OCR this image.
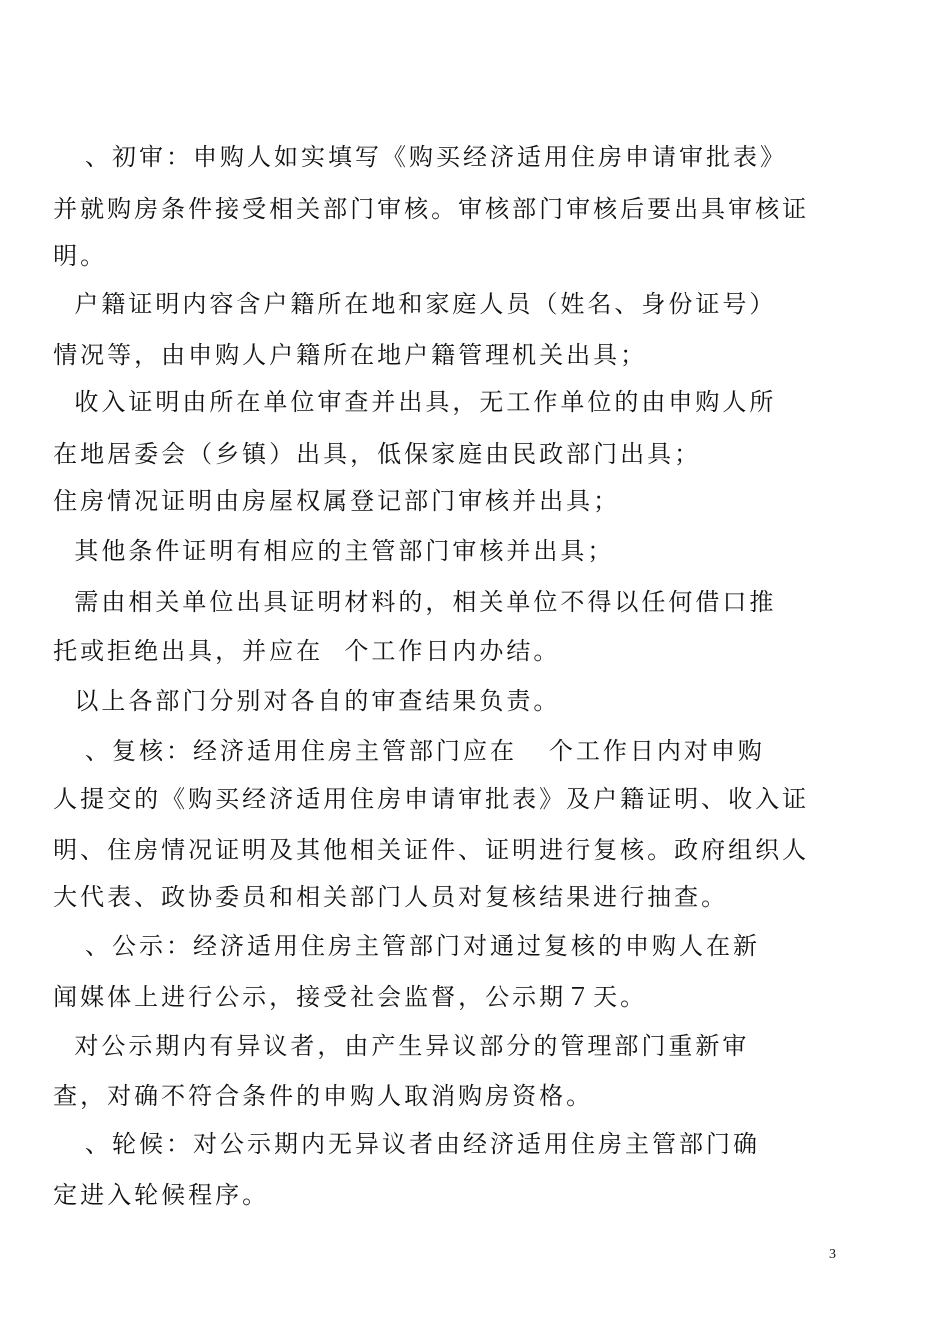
、初审：申购人如实填写《购买经济适用住房申请审批表》

并就购房条件接受相关部门审核。审核部门审核后要出具审核证

明。

户籍证明内容含户籍所在地和家庭人员（姓名、身份证号）

情况等，由申购人户籍所在地户籍管理机关出具；

收入证明由所在单位审查并出具，无工作单位的由申购人所

在地居委会（乡镇）出具，低保家庭由民政部门出具；

住房情况证明由房屋权属登记部门审核并出具；

其他条件证明有相应的主管部门审核并出具；

需由相关单位出具证明材料的，相关单位不得以任何借口推

托或拒绝出具，并应在  个工作日内办结。

以上各部门分别对各自的审查结果负责。

、复核：经济适用住房主管部门应在   个工作日内对申购

人提交的《购买经济适用住房申请审批表》及户籍证明、收入证

明、住房情况证明及其他相关证件、证明进行复核。政府组织人

大代表、政协委员和相关部门人员对复核结果进行抽查。

、公示：经济适用住房主管部门对通过复核的申购人在新

闻媒体上进行公示，接受社会监督，公示期７天。

对公示期内有异议者，由产生异议部分的管理部门重新审

查，对确不符合条件的申购人取消购房资格。

、轮候：对公示期内无异议者由经济适用住房主管部门确

定进入轮候程序。

3
